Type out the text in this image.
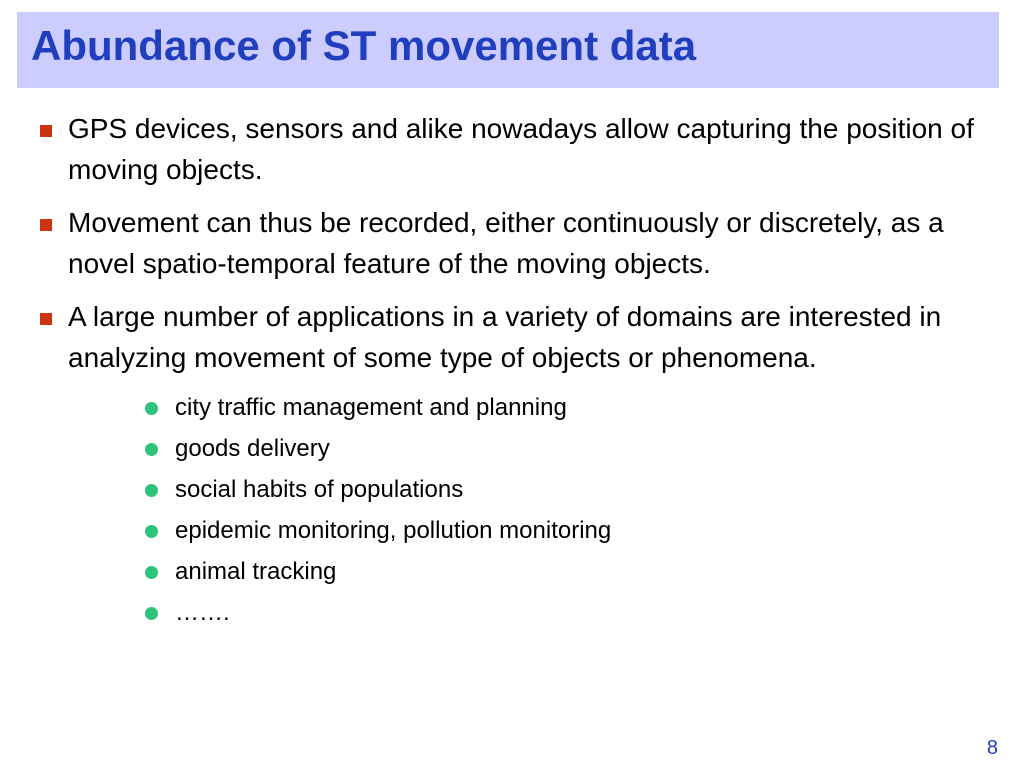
Abundance of ST movement data
GPS devices, sensors and alike nowadays allow capturing the position of moving objects.
Movement can thus be recorded, either continuously or discretely, as a novel spatio-temporal feature of the moving objects.
A large number of applications in a variety of domains are interested in analyzing movement of some type of objects or phenomena.
city traffic management and planning
goods delivery
social habits of populations
epidemic monitoring, pollution monitoring
animal tracking
…….
8
